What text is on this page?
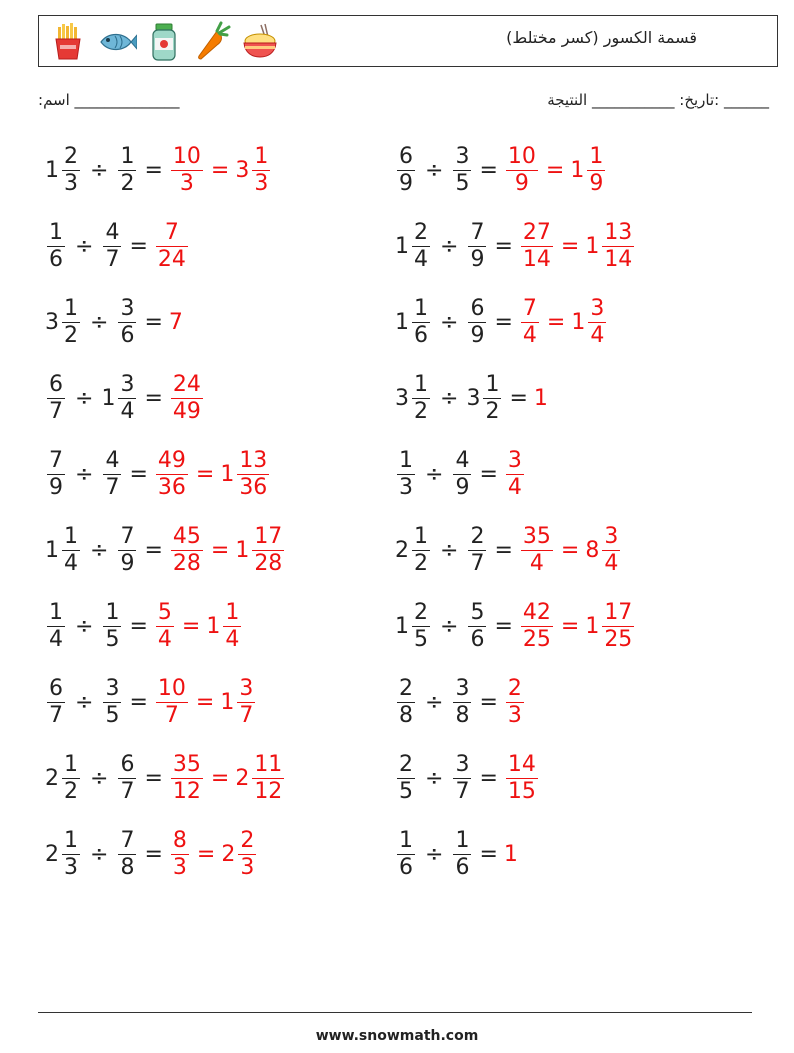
قسمة الكسور (كسر مختلط)
:اسم ______________	______ :تاريخ: ___________ النتيجة
$1 \frac{2}{3} \div \frac{1}{2} = \frac{10}{3} = 3 \frac{1}{3}$
$\frac{1}{6} \div \frac{4}{7} = \frac{7}{24}$
$3 \frac{1}{2} \div \frac{3}{6} = 7$
$\frac{6}{7} \div 1 \frac{3}{4} = \frac{24}{49}$
$\frac{7}{9} \div \frac{4}{7} = \frac{49}{36} = 1 \frac{13}{36}$
$1 \frac{1}{4} \div \frac{7}{9} = \frac{45}{28} = 1 \frac{17}{28}$
$\frac{1}{4} \div \frac{1}{5} = \frac{5}{4} = 1 \frac{1}{4}$
$\frac{6}{7} \div \frac{3}{5} = \frac{10}{7} = 1 \frac{3}{7}$
$2 \frac{1}{2} \div \frac{6}{7} = \frac{35}{12} = 2 \frac{11}{12}$
$2 \frac{1}{3} \div \frac{7}{8} = \frac{8}{3} = 2 \frac{2}{3}$
$\frac{6}{9} \div \frac{3}{5} = \frac{10}{9} = 1 \frac{1}{9}$
$1 \frac{2}{4} \div \frac{7}{9} = \frac{27}{14} = 1 \frac{13}{14}$
$1 \frac{1}{6} \div \frac{6}{9} = \frac{7}{4} = 1 \frac{3}{4}$
$3 \frac{1}{2} \div 3 \frac{1}{2} = 1$
$\frac{1}{3} \div \frac{4}{9} = \frac{3}{4}$
$2 \frac{1}{2} \div \frac{2}{7} = \frac{35}{4} = 8 \frac{3}{4}$
$1 \frac{2}{5} \div \frac{5}{6} = \frac{42}{25} = 1 \frac{17}{25}$
$\frac{2}{8} \div \frac{3}{8} = \frac{2}{3}$
$\frac{2}{5} \div \frac{3}{7} = \frac{14}{15}$
$\frac{1}{6} \div \frac{1}{6} = 1$
www.snowmath.com
